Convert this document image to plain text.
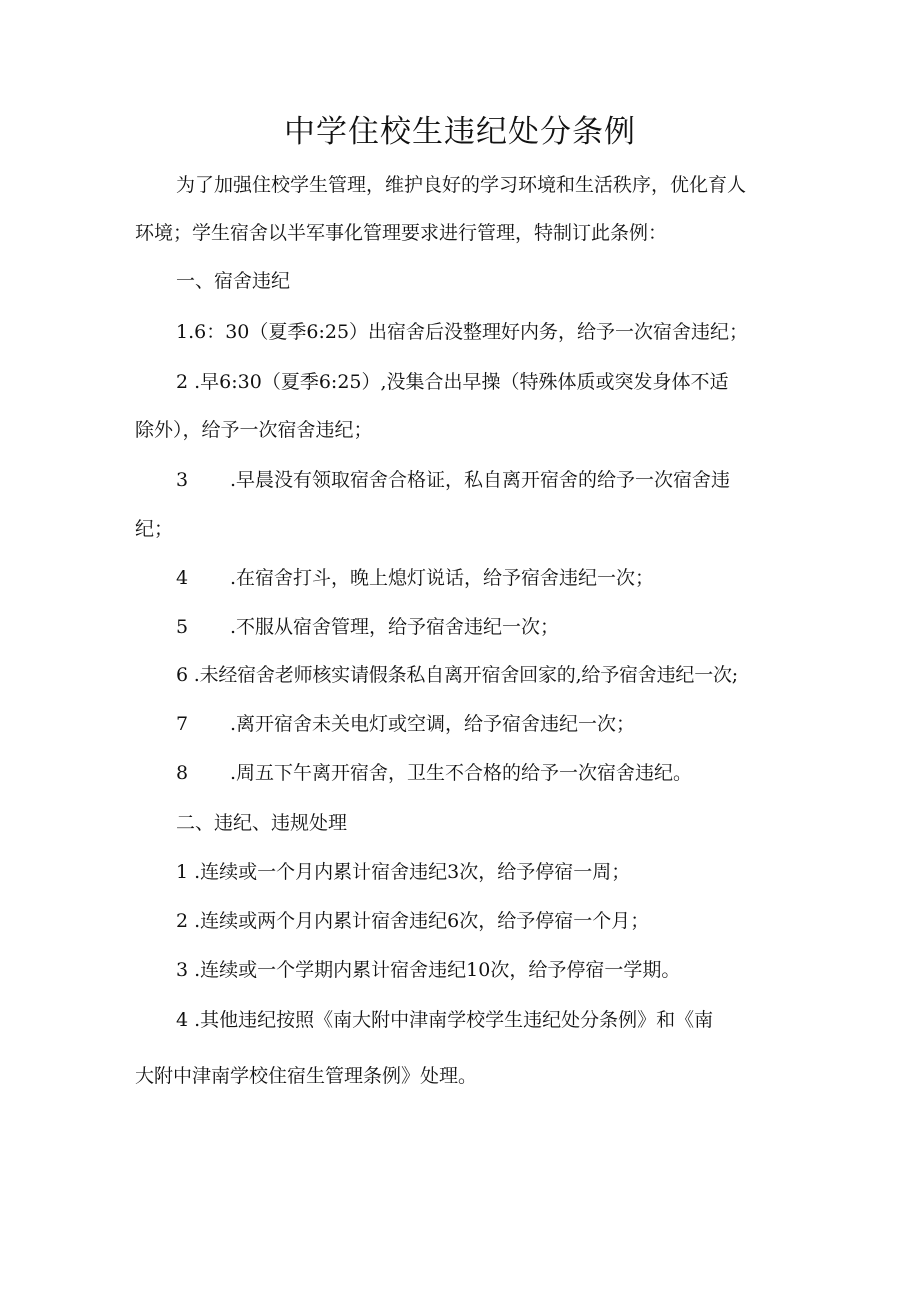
中学住校生违纪处分条例
为了加强住校学生管理，维护良好的学习环境和生活秩序，优化育人
环境；学生宿舍以半军事化管理要求进行管理，特制订此条例：
一、宿舍违纪
1.6：30（夏季6:25）出宿舍后没整理好内务，给予一次宿舍违纪；
2 .早6:30（夏季6:25）,没集合出早操（特殊体质或突发身体不适
除外），给予一次宿舍违纪；
3 .早晨没有领取宿舍合格证，私自离开宿舍的给予一次宿舍违
纪；
4 .在宿舍打斗，晚上熄灯说话，给予宿舍违纪一次；
5 .不服从宿舍管理，给予宿舍违纪一次；
6 .未经宿舍老师核实请假条私自离开宿舍回家的,给予宿舍违纪一次;
7 .离开宿舍未关电灯或空调，给予宿舍违纪一次；
8 .周五下午离开宿舍，卫生不合格的给予一次宿舍违纪。
二、违纪、违规处理
1 .连续或一个月内累计宿舍违纪3次，给予停宿一周；
2 .连续或两个月内累计宿舍违纪6次，给予停宿一个月；
3 .连续或一个学期内累计宿舍违纪10次，给予停宿一学期。
4 .其他违纪按照《南大附中津南学校学生违纪处分条例》和《南
大附中津南学校住宿生管理条例》处理。
